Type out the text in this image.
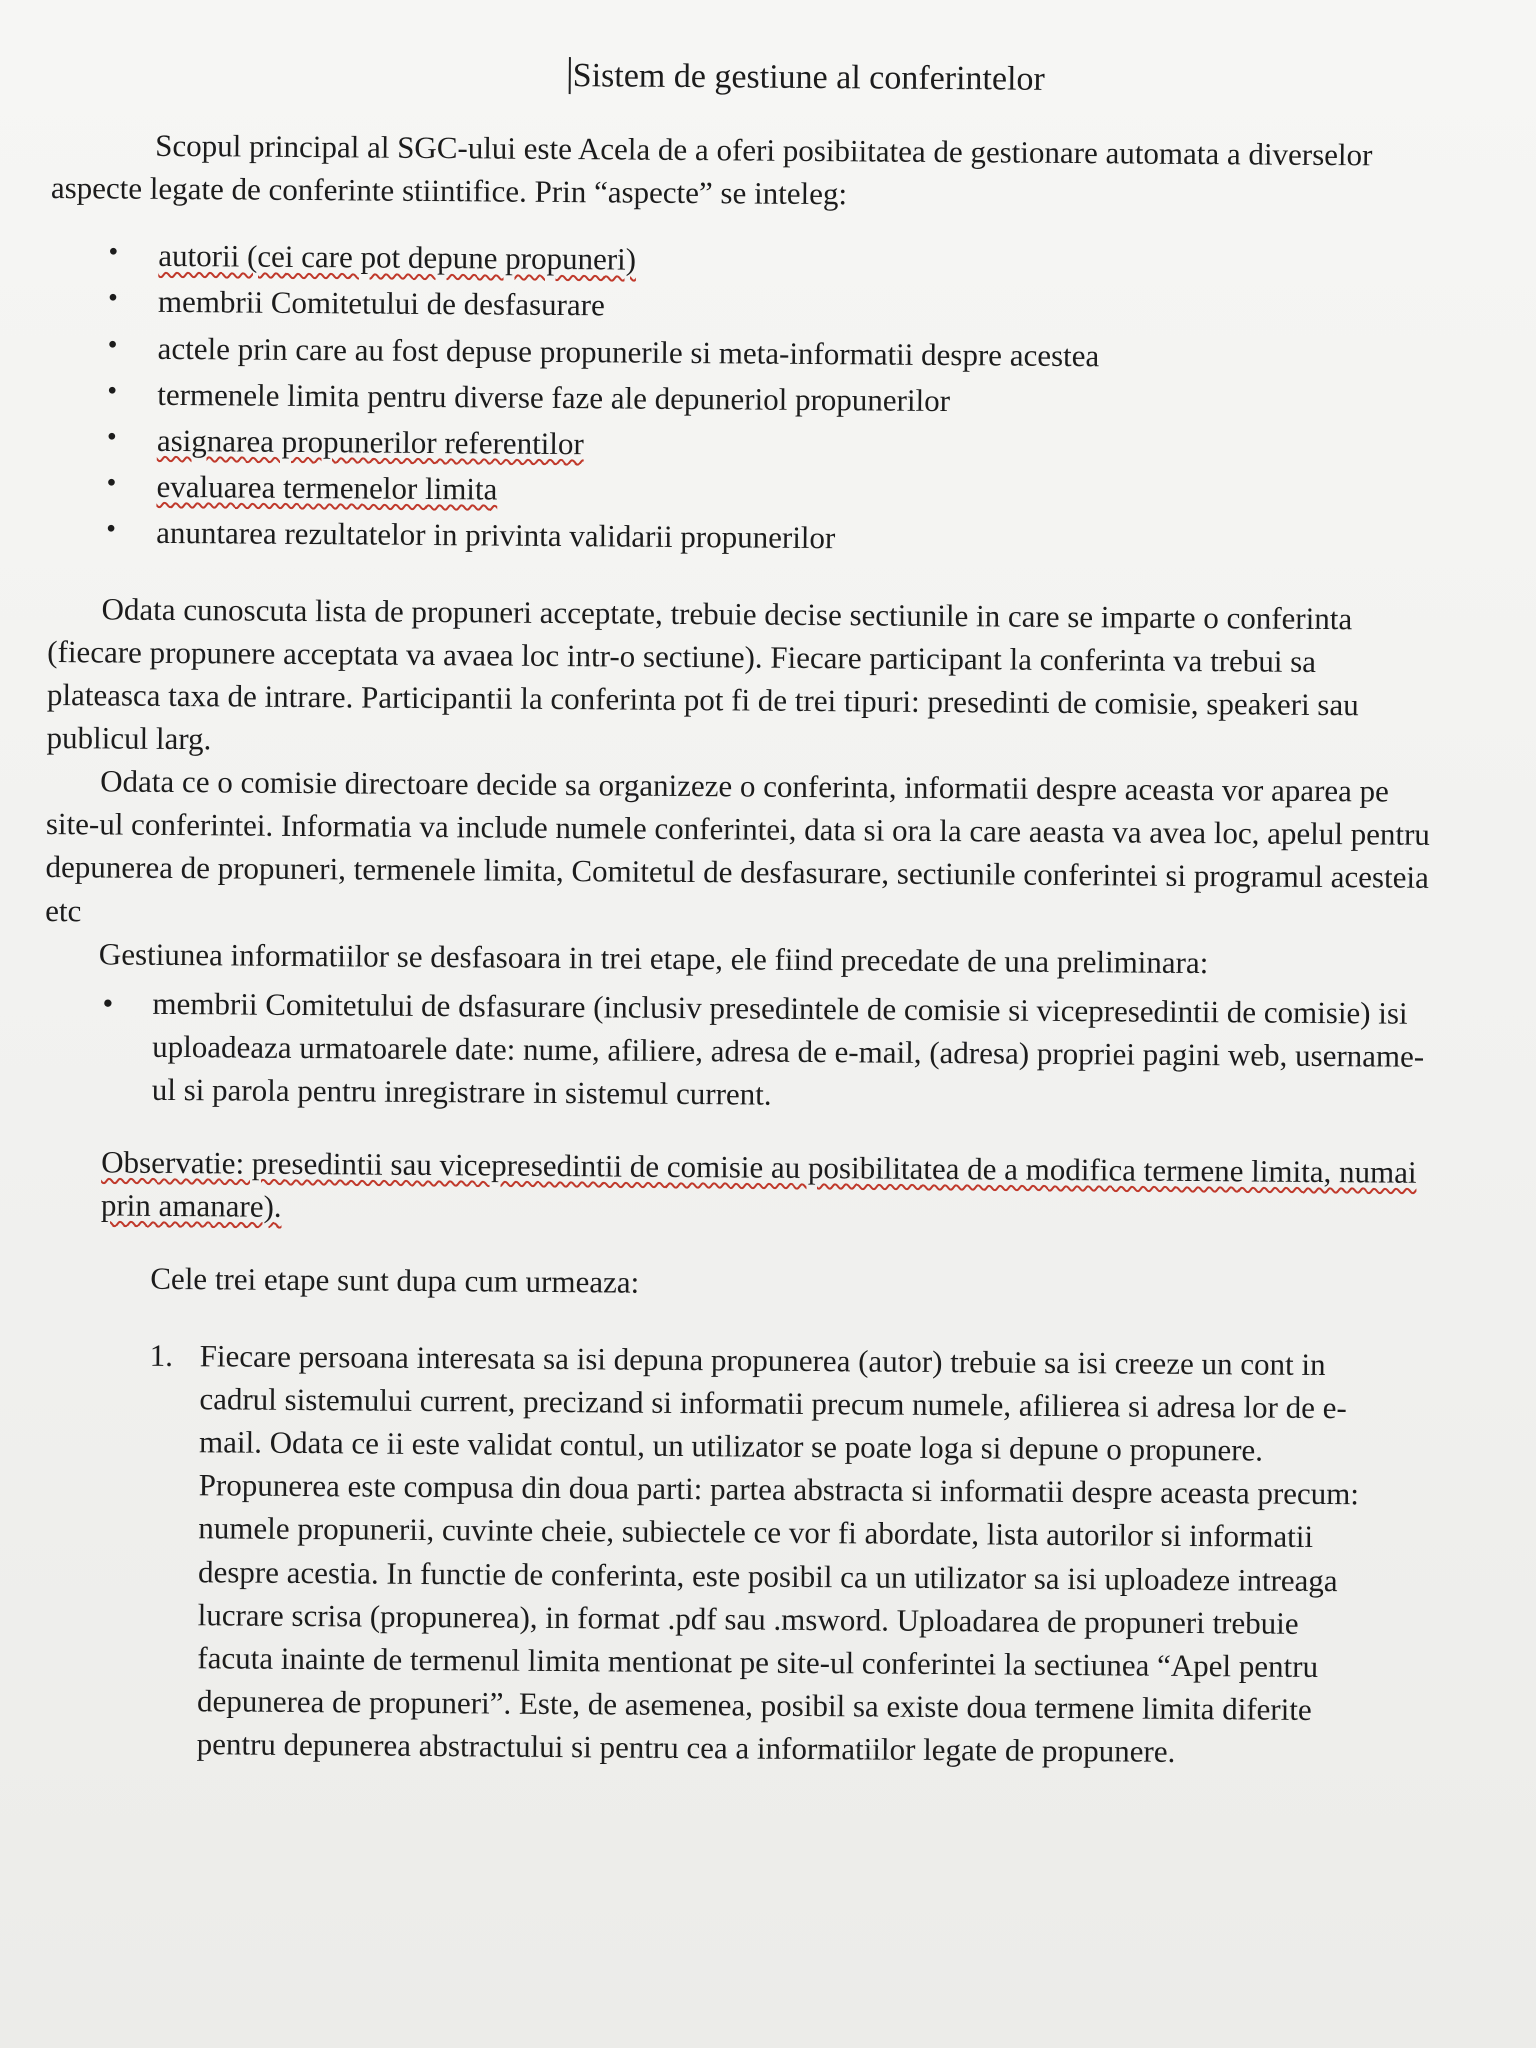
Sistem de gestiune al conferintelor

Scopul principal al SGC-ului este Acela de a oferi posibiitatea de gestionare automata a diverselor aspecte legate de conferinte stiintifice. Prin “aspecte” se inteleg:

• autorii (cei care pot depune propuneri)
• membrii Comitetului de desfasurare
• actele prin care au fost depuse propunerile si meta-informatii despre acestea
• termenele limita pentru diverse faze ale depuneriol propunerilor
• asignarea propunerilor referentilor
• evaluarea termenelor limita
• anuntarea rezultatelor in privinta validarii propunerilor

Odata cunoscuta lista de propuneri acceptate, trebuie decise sectiunile in care se imparte o conferinta (fiecare propunere acceptata va avaea loc intr-o sectiune). Fiecare participant la conferinta va trebui sa plateasca taxa de intrare. Participantii la conferinta pot fi de trei tipuri: presedinti de comisie, speakeri sau publicul larg.

Odata ce o comisie directoare decide sa organizeze o conferinta, informatii despre aceasta vor aparea pe site-ul conferintei. Informatia va include numele conferintei, data si ora la care aeasta va avea loc, apelul pentru depunerea de propuneri, termenele limita, Comitetul de desfasurare, sectiunile conferintei si programul acesteia etc

Gestiunea informatiilor se desfasoara in trei etape, ele fiind precedate de una preliminara:

• membrii Comitetului de dsfasurare (inclusiv presedintele de comisie si vicepresedintii de comisie) isi uploadeaza urmatoarele date: nume, afiliere, adresa de e-mail, (adresa) propriei pagini web, username-ul si parola pentru inregistrare in sistemul current.

Observatie: presedintii sau vicepresedintii de comisie au posibilitatea de a modifica termene limita, numai prin amanare).

Cele trei etape sunt dupa cum urmeaza:

1. Fiecare persoana interesata sa isi depuna propunerea (autor) trebuie sa isi creeze un cont in cadrul sistemului current, precizand si informatii precum numele, afilierea si adresa lor de e-mail. Odata ce ii este validat contul, un utilizator se poate loga si depune o propunere. Propunerea este compusa din doua parti: partea abstracta si informatii despre aceasta precum: numele propunerii, cuvinte cheie, subiectele ce vor fi abordate, lista autorilor si informatii despre acestia. In functie de conferinta, este posibil ca un utilizator sa isi uploadeze intreaga lucrare scrisa (propunerea), in format .pdf sau .msword. Uploadarea de propuneri trebuie facuta inainte de termenul limita mentionat pe site-ul conferintei la sectiunea “Apel pentru depunerea de propuneri”. Este, de asemenea, posibil sa existe doua termene limita diferite pentru depunerea abstractului si pentru cea a informatiilor legate de propunere.
